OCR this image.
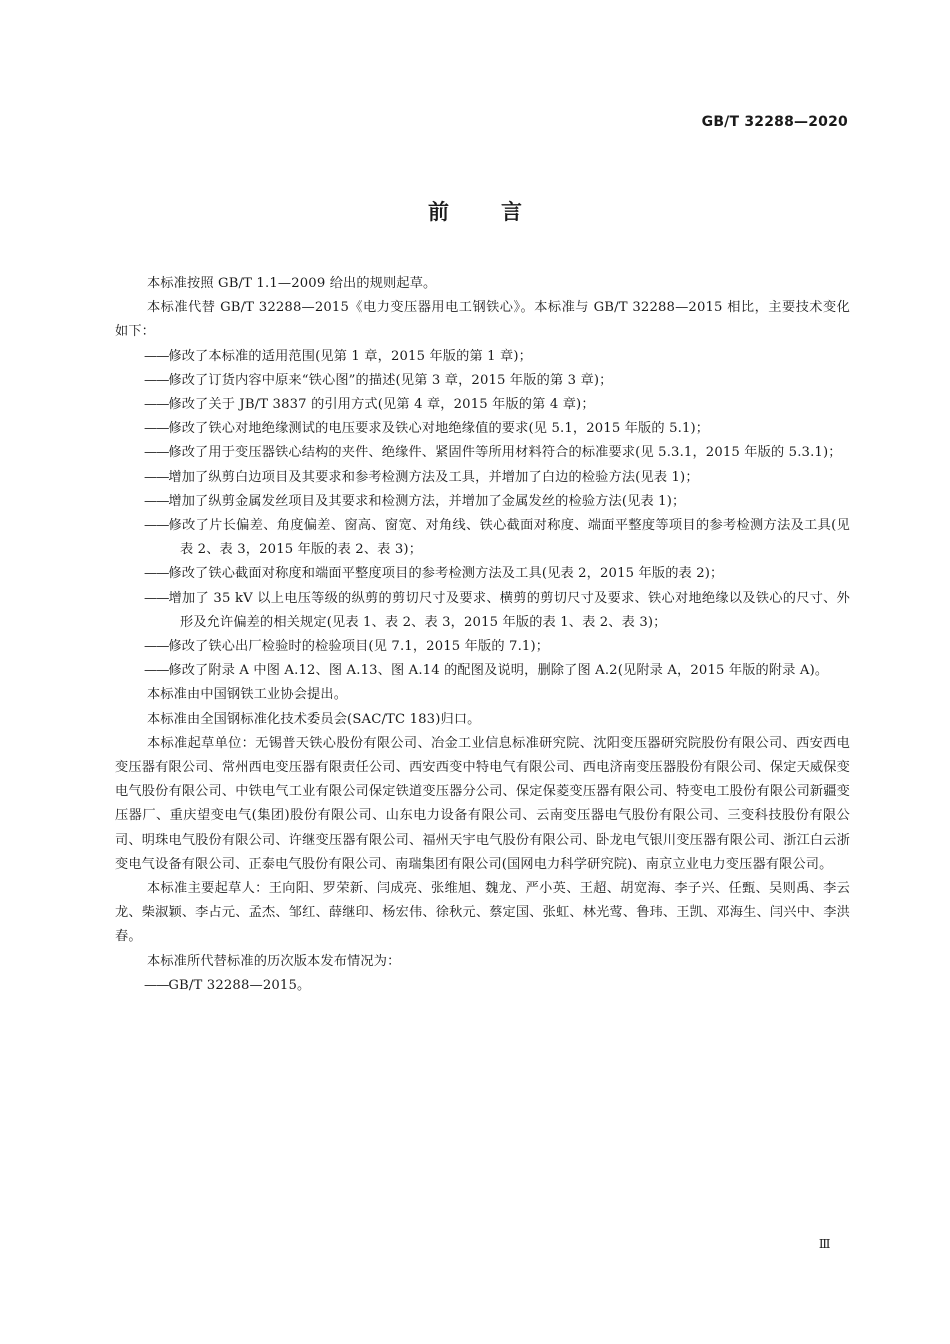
GB/T 32288—2020
前言

本标准按照 GB/T 1.1—2009 给出的规则起草。

本标准代替 GB/T 32288—2015《电力变压器用电工钢铁心》。本标准与 GB/T 32288—2015 相比，主要技术变化如下：

——修改了本标准的适用范围(见第 1 章，2015 年版的第 1 章)；

——修改了订货内容中原来“铁心图”的描述(见第 3 章，2015 年版的第 3 章)；

——修改了关于 JB/T 3837 的引用方式(见第 4 章，2015 年版的第 4 章)；

——修改了铁心对地绝缘测试的电压要求及铁心对地绝缘值的要求(见 5.1，2015 年版的 5.1)；

——修改了用于变压器铁心结构的夹件、绝缘件、紧固件等所用材料符合的标准要求(见 5.3.1，2015 年版的 5.3.1)；

——增加了纵剪白边项目及其要求和参考检测方法及工具，并增加了白边的检验方法(见表 1)；

——增加了纵剪金属发丝项目及其要求和检测方法，并增加了金属发丝的检验方法(见表 1)；

——修改了片长偏差、角度偏差、窗高、窗宽、对角线、铁心截面对称度、端面平整度等项目的参考检测方法及工具(见表 2、表 3，2015 年版的表 2、表 3)；

——修改了铁心截面对称度和端面平整度项目的参考检测方法及工具(见表 2，2015 年版的表 2)；

——增加了 35 kV 以上电压等级的纵剪的剪切尺寸及要求、横剪的剪切尺寸及要求、铁心对地绝缘以及铁心的尺寸、外形及允许偏差的相关规定(见表 1、表 2、表 3，2015 年版的表 1、表 2、表 3)；

——修改了铁心出厂检验时的检验项目(见 7.1，2015 年版的 7.1)；

——修改了附录 A 中图 A.12、图 A.13、图 A.14 的配图及说明，删除了图 A.2(见附录 A，2015 年版的附录 A)。

本标准由中国钢铁工业协会提出。

本标准由全国钢标准化技术委员会(SAC/TC 183)归口。

本标准起草单位：无锡普天铁心股份有限公司、冶金工业信息标准研究院、沈阳变压器研究院股份有限公司、西安西电变压器有限公司、常州西电变压器有限责任公司、西安西变中特电气有限公司、西电济南变压器股份有限公司、保定天威保变电气股份有限公司、中铁电气工业有限公司保定铁道变压器分公司、保定保菱变压器有限公司、特变电工股份有限公司新疆变压器厂、重庆望变电气(集团)股份有限公司、山东电力设备有限公司、云南变压器电气股份有限公司、三变科技股份有限公司、明珠电气股份有限公司、许继变压器有限公司、福州天宇电气股份有限公司、卧龙电气银川变压器有限公司、浙江白云浙变电气设备有限公司、正泰电气股份有限公司、南瑞集团有限公司(国网电力科学研究院)、南京立业电力变压器有限公司。

本标准主要起草人：王向阳、罗荣新、闫成亮、张维旭、魏龙、严小英、王超、胡宽海、李子兴、任甄、吴则禹、李云龙、柴淑颖、李占元、孟杰、邹红、薛继印、杨宏伟、徐秋元、蔡定国、张虹、林光莺、鲁玮、王凯、邓海生、闫兴中、李洪春。

本标准所代替标准的历次版本发布情况为：

——GB/T 32288—2015。

Ⅲ
